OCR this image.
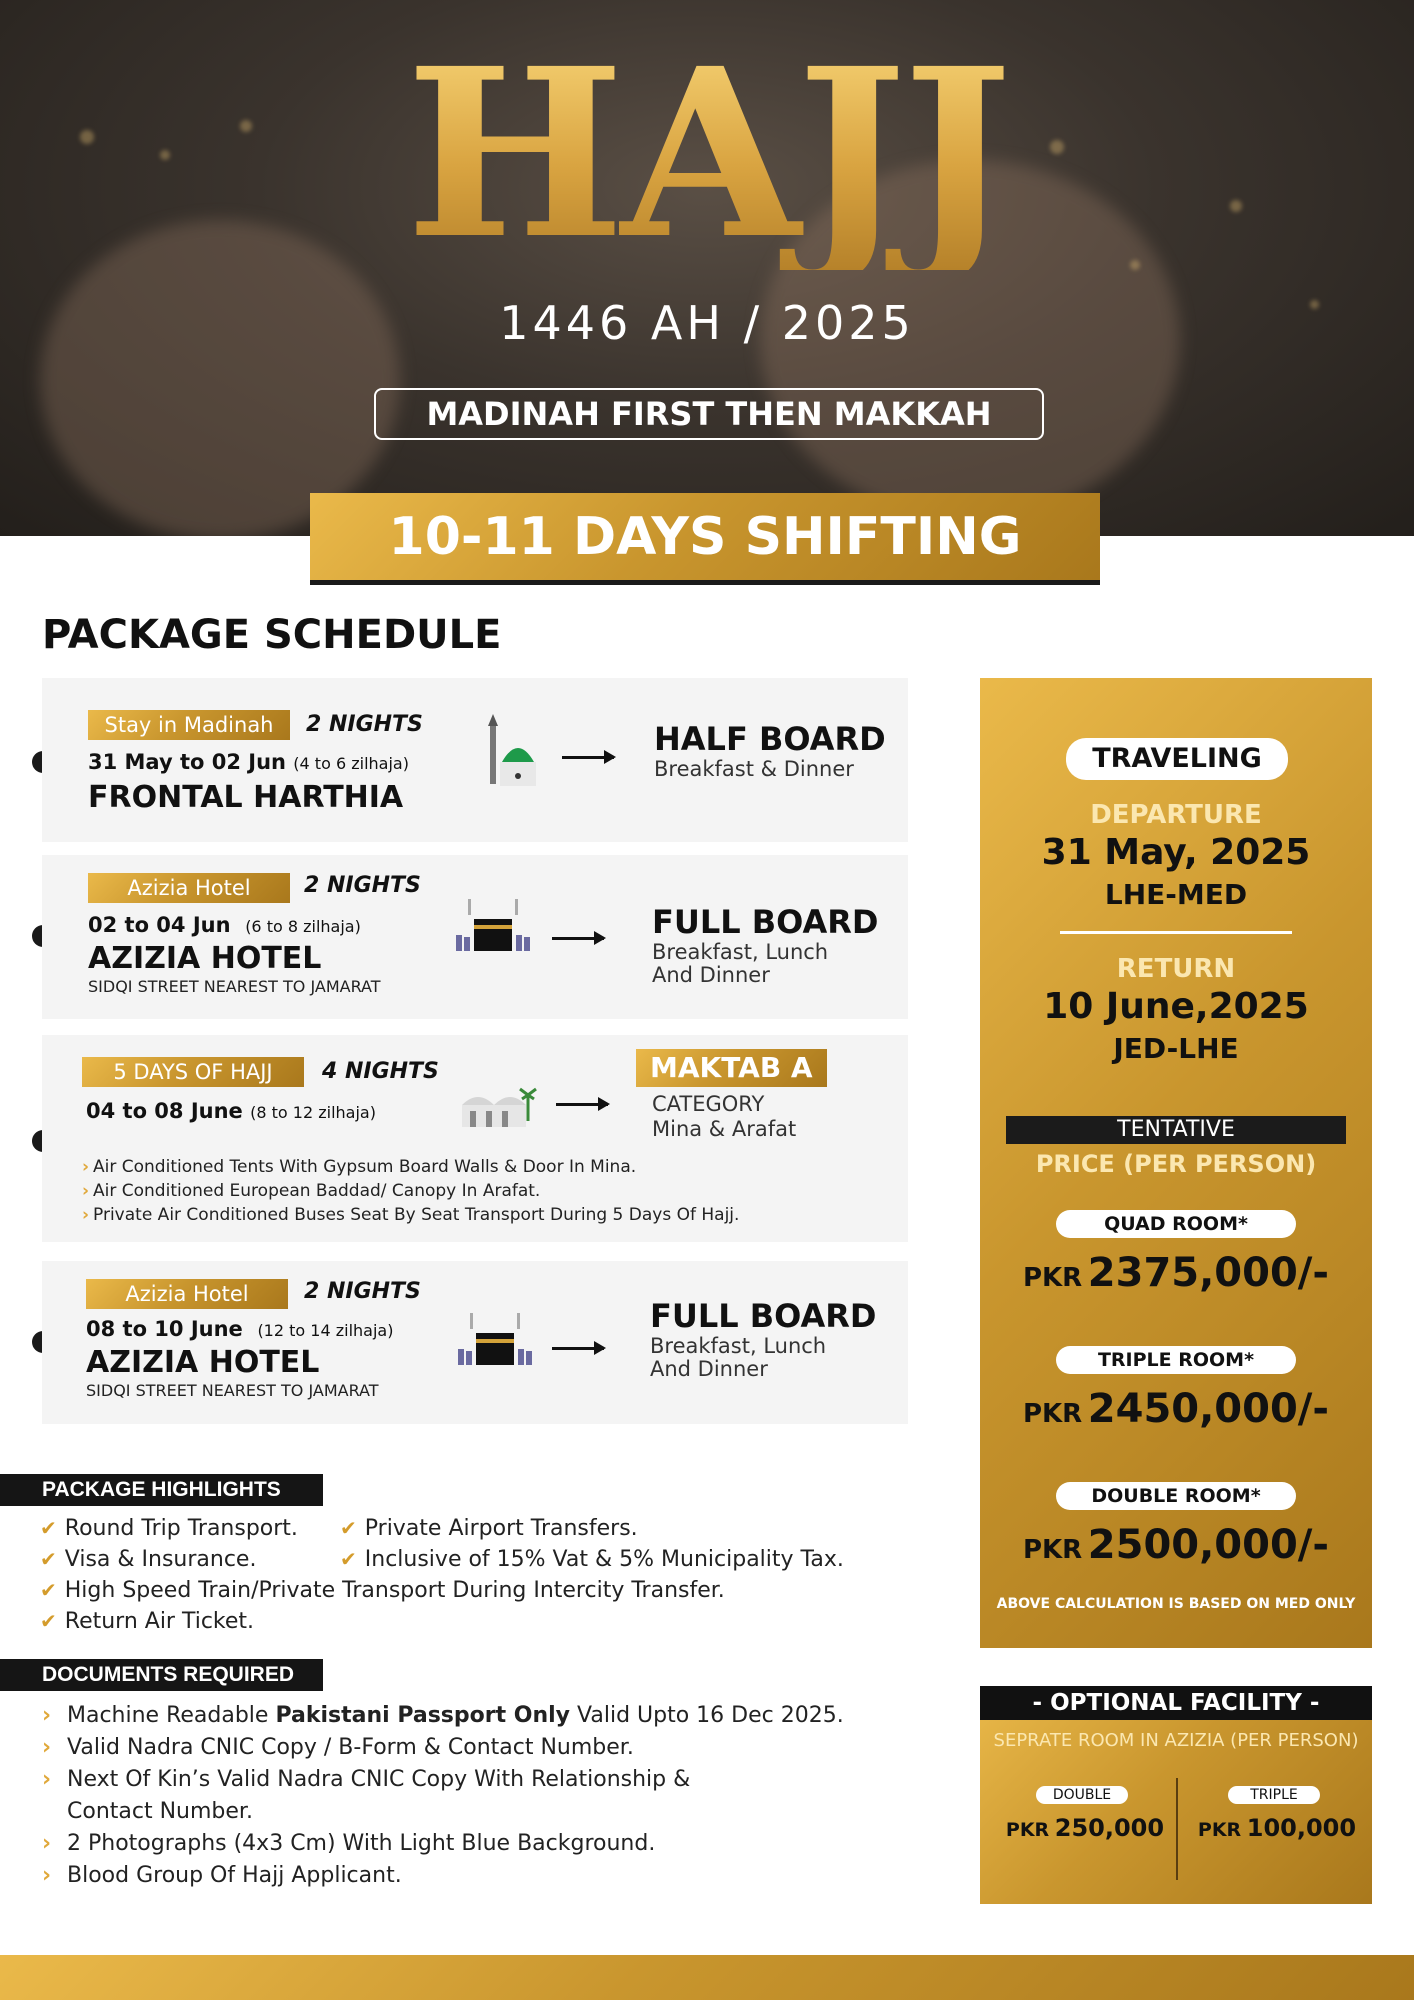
HAJJ
1446 AH / 2025
MADINAH FIRST THEN MAKKAH
10-11 DAYS SHIFTING
PACKAGE SCHEDULE
Stay in Madinah	2 NIGHTS
31 May to 02 Jun (4 to 6 zilhaja)
FRONTAL HARTHIA
HALF BOARD
Breakfast & Dinner
Azizia Hotel	2 NIGHTS
02 to 04 Jun (6 to 8 zilhaja)
AZIZIA HOTEL
SIDQI STREET NEAREST TO JAMARAT
FULL BOARD
Breakfast, Lunch
And Dinner
5 DAYS OF HAJJ	4 NIGHTS
04 to 08 June (8 to 12 zilhaja)
MAKTAB A
CATEGORY
Mina & Arafat
› Air Conditioned Tents With Gypsum Board Walls & Door In Mina.
› Air Conditioned European Baddad/ Canopy In Arafat.
› Private Air Conditioned Buses Seat By Seat Transport During 5 Days Of Hajj.
Azizia Hotel	2 NIGHTS
08 to 10 June (12 to 14 zilhaja)
AZIZIA HOTEL
SIDQI STREET NEAREST TO JAMARAT
FULL BOARD
Breakfast, Lunch
And Dinner
PACKAGE HIGHLIGHTS
✔ Round Trip Transport. ✔ Private Airport Transfers.
✔ Visa & Insurance.	✔ Inclusive of 15% Vat & 5% Municipality Tax.
✔ High Speed Train/Private Transport During Intercity Transfer.
✔ Return Air Ticket.
DOCUMENTS REQUIRED
› Machine Readable Pakistani Passport Only Valid Upto 16 Dec 2025.
› Valid Nadra CNIC Copy / B-Form & Contact Number.
› Next Of Kin’s Valid Nadra CNIC Copy With Relationship &
Contact Number.
› 2 Photographs (4x3 Cm) With Light Blue Background.
› Blood Group Of Hajj Applicant.
TRAVELING
DEPARTURE
31 May, 2025
LHE-MED
RETURN
10 June,2025
JED-LHE
TENTATIVE
PRICE (PER PERSON)
QUAD ROOM*
PKR 2375,000/-
TRIPLE ROOM*
PKR 2450,000/-
DOUBLE ROOM*
PKR 2500,000/-
ABOVE CALCULATION IS BASED ON MED ONLY
- OPTIONAL FACILITY -
SEPRATE ROOM IN AZIZIA (PER PERSON)
DOUBLE
PKR 250,000
TRIPLE
PKR 100,000
